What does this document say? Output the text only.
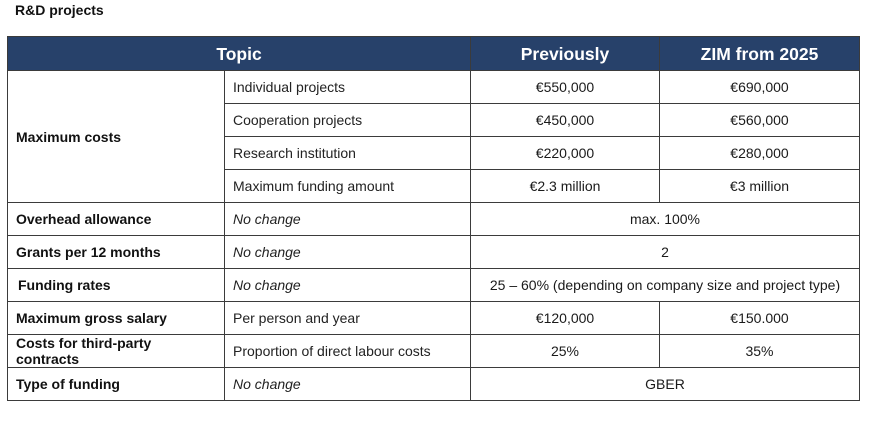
R&D projects
Topic		Previously	ZIM from 2025
Maximum costs	Individual projects	€550,000	€690,000
	Cooperation projects	€450,000	€560,000
	Research institution	€220,000	€280,000
	Maximum funding amount	€2.3 million	€3 million
Overhead allowance	No change	max. 100%	
Grants per 12 months	No change	2	
Funding rates	No change	25 – 60% (depending on company size and project type)	
Maximum gross salary	Per person and year	€120,000	€150.000
Costs for third-party contracts	Proportion of direct labour costs	25%	35%
Type of funding	No change	GBER	
